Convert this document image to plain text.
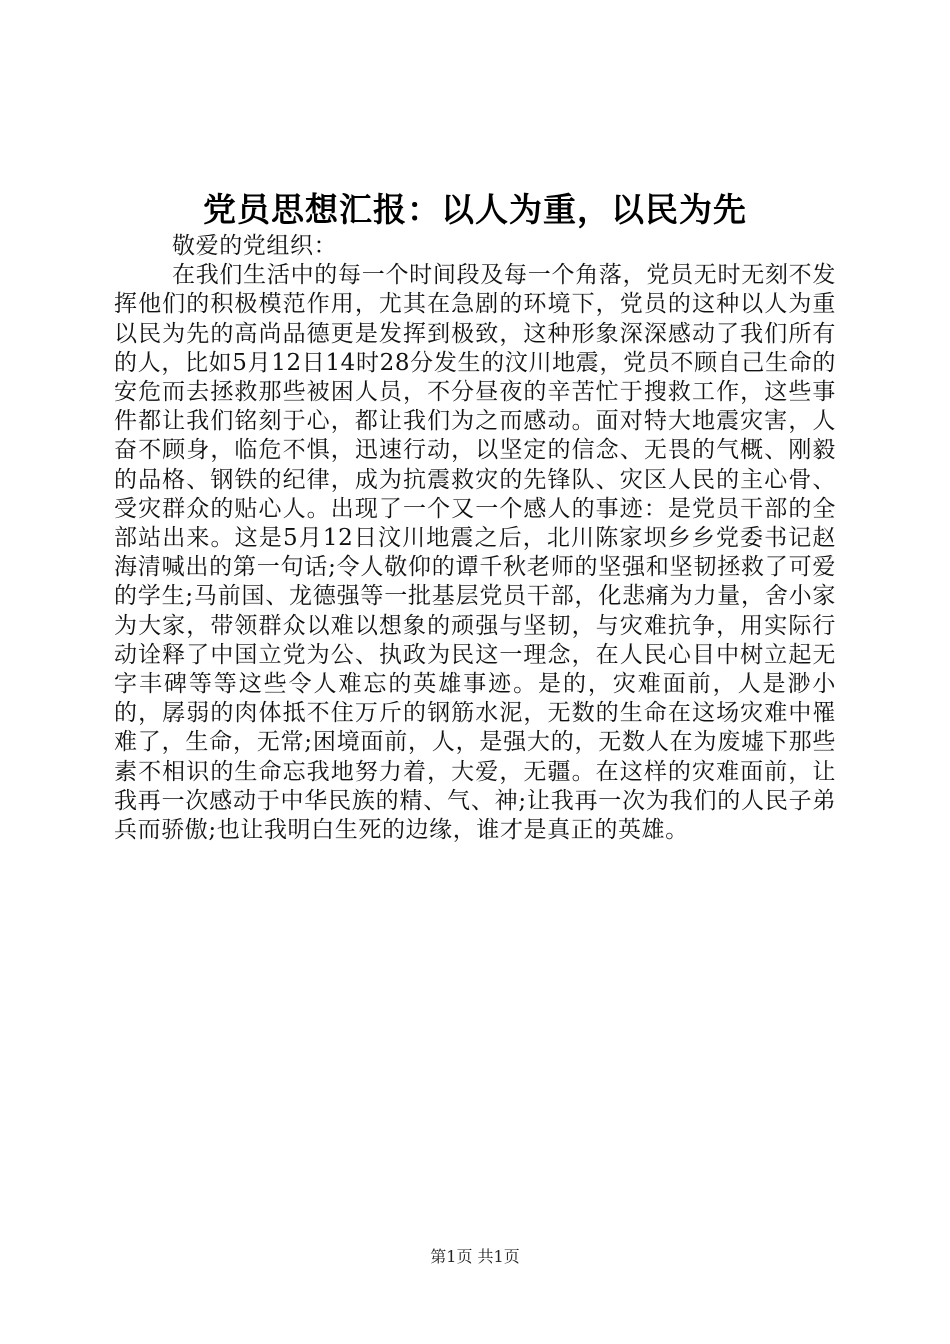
党员思想汇报：以人为重，以民为先

敬爱的党组织：

在我们生活中的每一个时间段及每一个角落，党员无时无刻不发挥他们的积极模范作用，尤其在急剧的环境下，党员的这种以人为重以民为先的高尚品德更是发挥到极致，这种形象深深感动了我们所有的人，比如5月12日14时28分发生的汶川地震，党员不顾自己生命的安危而去拯救那些被困人员，不分昼夜的辛苦忙于搜救工作，这些事件都让我们铭刻于心，都让我们为之而感动。面对特大地震灾害，人奋不顾身，临危不惧，迅速行动，以坚定的信念、无畏的气概、刚毅的品格、钢铁的纪律，成为抗震救灾的先锋队、灾区人民的主心骨、受灾群众的贴心人。出现了一个又一个感人的事迹：是党员干部的全部站出来。这是5月12日汶川地震之后，北川陈家坝乡乡党委书记赵海清喊出的第一句话;令人敬仰的谭千秋老师的坚强和坚韧拯救了可爱的学生;马前国、龙德强等一批基层党员干部，化悲痛为力量，舍小家为大家，带领群众以难以想象的顽强与坚韧，与灾难抗争，用实际行动诠释了中国立党为公、执政为民这一理念，在人民心目中树立起无字丰碑等等这些令人难忘的英雄事迹。是的，灾难面前，人是渺小的，孱弱的肉体抵不住万斤的钢筋水泥，无数的生命在这场灾难中罹难了，生命，无常;困境面前，人，是强大的，无数人在为废墟下那些素不相识的生命忘我地努力着，大爱，无疆。在这样的灾难面前，让我再一次感动于中华民族的精、气、神;让我再一次为我们的人民子弟兵而骄傲;也让我明白生死的边缘，谁才是真正的英雄。

第1页 共1页
